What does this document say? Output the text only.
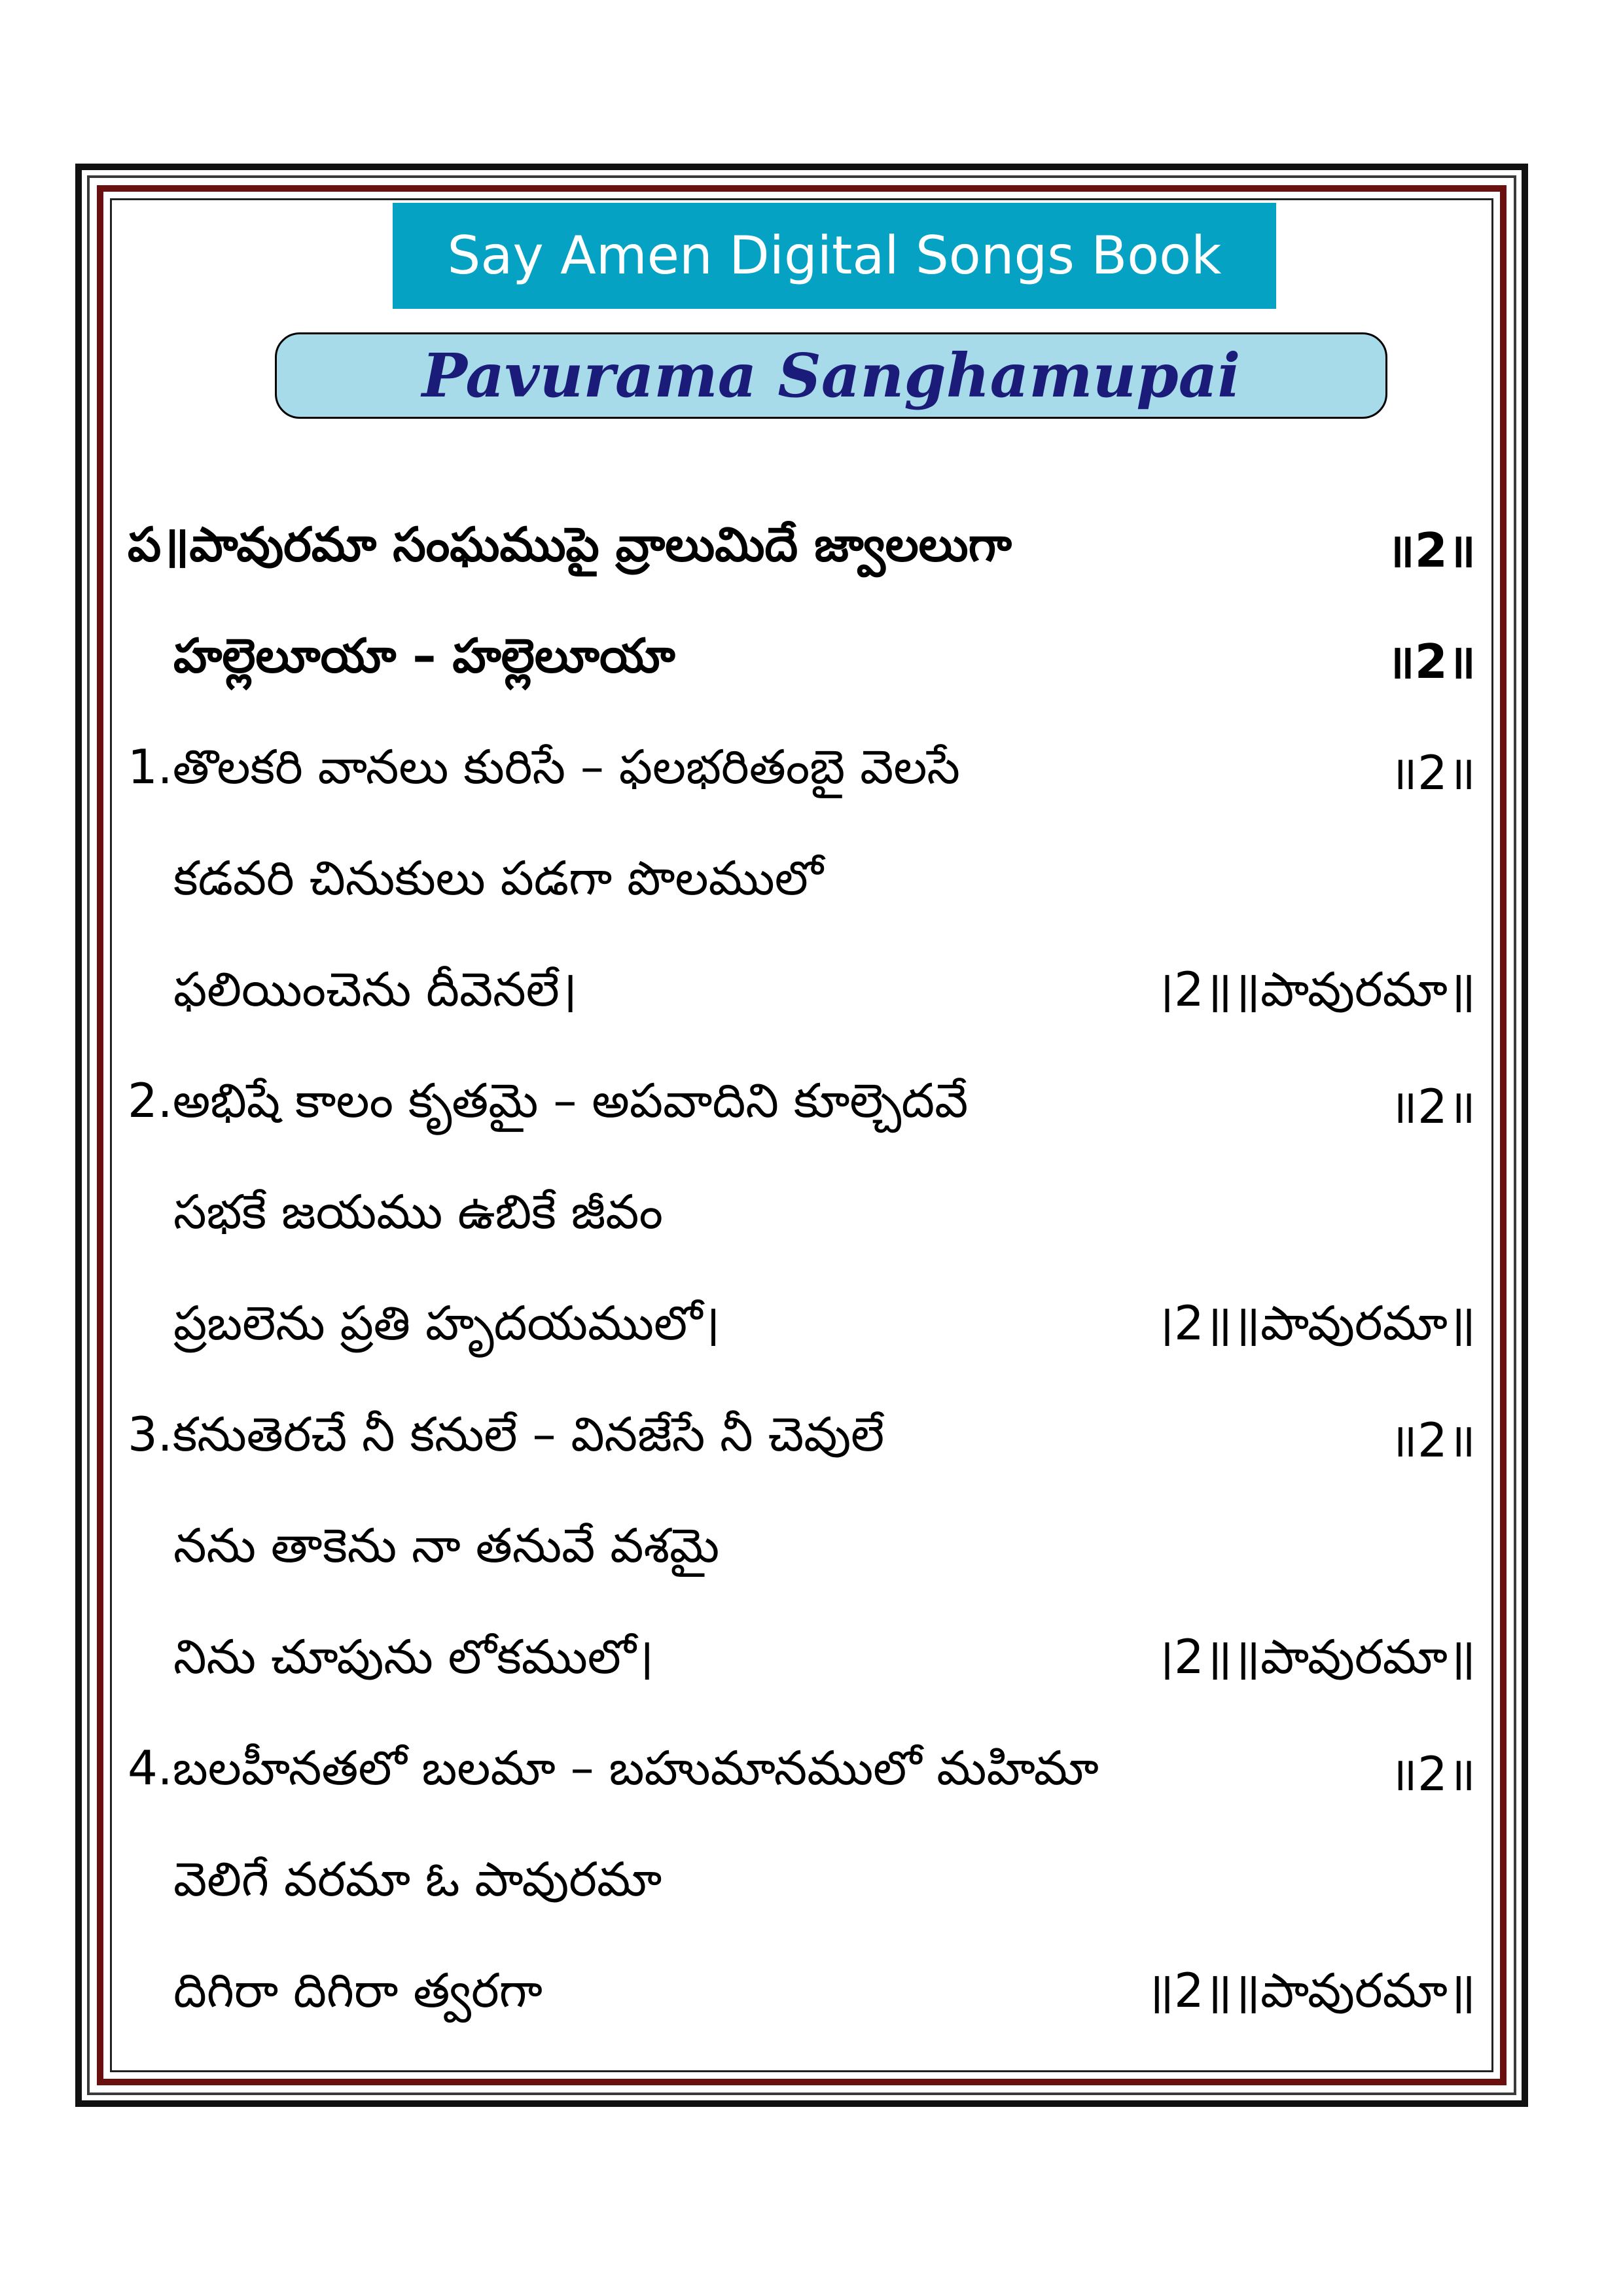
Say Amen Digital Songs Book
Pavurama Sanghamupai
ప॥పావురమా సంఘముపై వ్రాలుమిదే జ్వాలలుగా	॥2॥
హల్లెలూయా – హల్లెలూయా	॥2॥
1.తొలకరి వానలు కురిసే – ఫలభరితంబై వెలసే	॥2॥
కడవరి చినుకులు పడగా పొలములో
ఫలియించెను దీవెనలే।	।2॥॥పావురమా॥
2.అభిషే కాలం కృతమై – అపవాదిని కూల్చెదవే	॥2॥
సభకే జయము ఉబికే జీవం
ప్రబలెను ప్రతి హృదయములో।	।2॥॥పావురమా॥
3.కనుతెరచే నీ కనులే – వినజేసే నీ చెవులే	॥2॥
నను తాకెను నా తనువే వశమై
నిను చూపును లోకములో।	।2॥॥పావురమా॥
4.బలహీనతలో బలమా – బహుమానములో మహిమా	॥2॥
వెలిగే వరమా ఓ పావురమా
దిగిరా దిగిరా త్వరగా	॥2॥॥పావురమా॥
